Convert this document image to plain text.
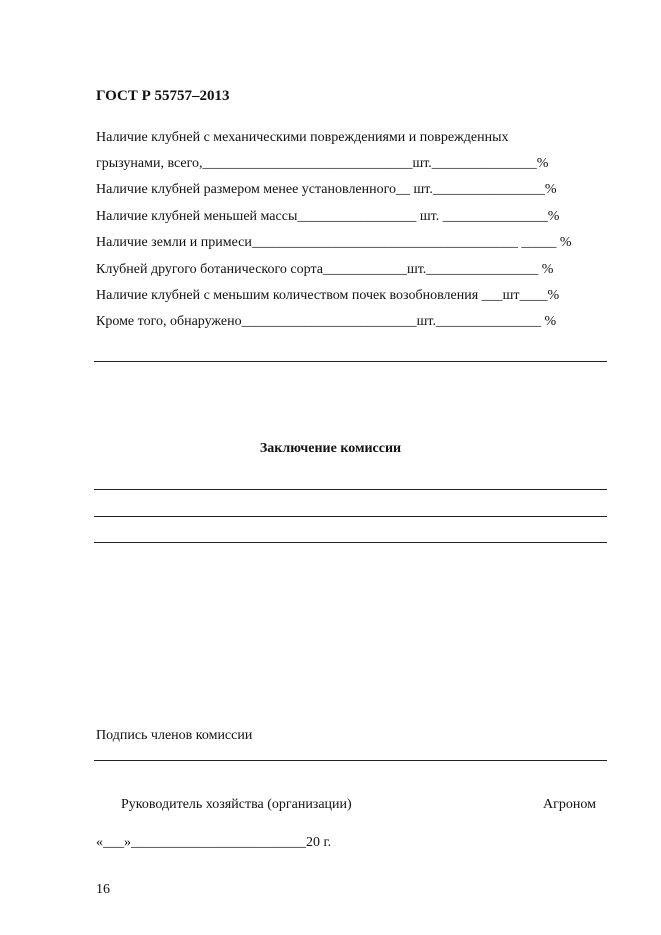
ГОСТ Р 55757–2013
Наличие клубней с механическими повреждениями и поврежденных
грызунами, всего,______________________________шт._______________%
Наличие клубней размером менее установленного__ шт.________________%
Наличие клубней меньшей массы_________________ шт. _______________%
Наличие земли и примеси______________________________________ _____ %
Клубней другого ботанического сорта____________шт.________________ %
Наличие клубней с меньшим количеством почек возобновления ___шт____%
Кроме того, обнаружено_________________________шт._______________ %
Заключение комиссии
Подпись членов комиссии
Руководитель хозяйства (организации)	Агроном
«___»_________________________20 г.
16
